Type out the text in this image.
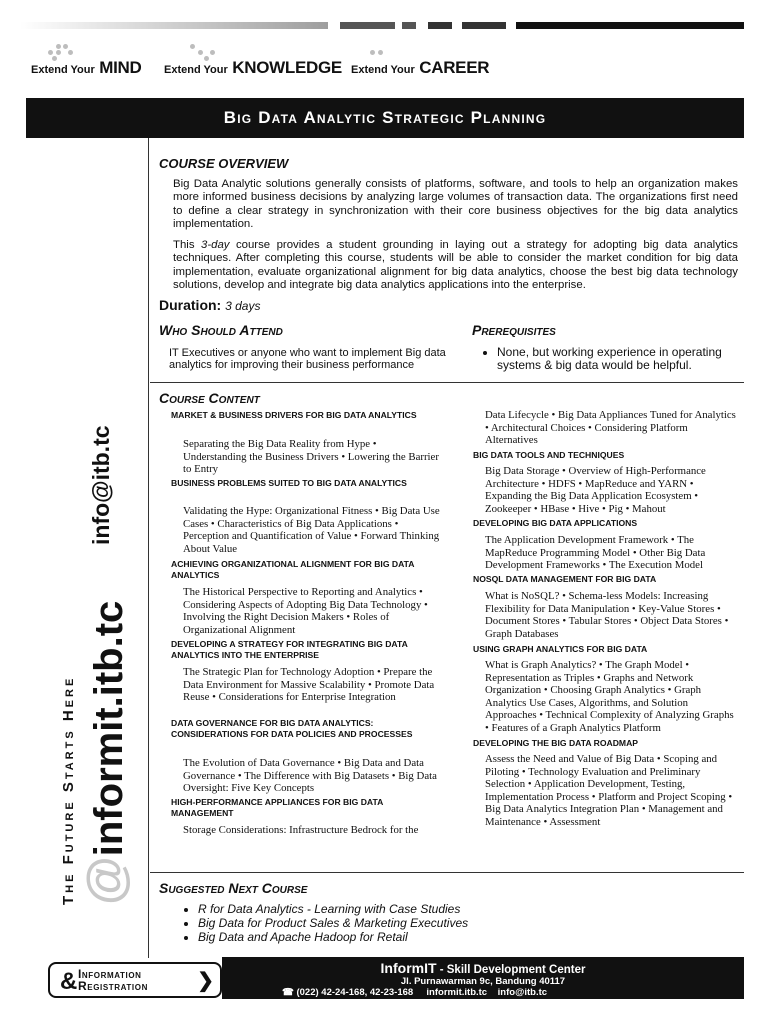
Extend Your MIND Extend Your KNOWLEDGE Extend Your CAREER
Big Data Analytic Strategic Planning
The Future Starts Here @informit.itb.tc
info@itb.tc
COURSE OVERVIEW
Big Data Analytic solutions generally consists of platforms, software, and tools to help an organization makes more informed business decisions by analyzing large volumes of transaction data. The organizations first need to define a clear strategy in synchronization with their core business objectives for the big data analytics implementation.
This 3-day course provides a student grounding in laying out a strategy for adopting big data analytics techniques. After completing this course, students will be able to consider the market condition for big data implementation, evaluate organizational alignment for big data analytics, choose the best big data technology solutions, develop and integrate big data analytics applications into the enterprise.
Duration: 3 days
Who Should Attend
IT Executives or anyone who want to implement Big data analytics for improving their business performance
Prerequisites
• None, but working experience in operating systems & big data would be helpful.
Course Content
MARKET & BUSINESS DRIVERS FOR BIG DATA ANALYTICS
Separating the Big Data Reality from Hype • Understanding the Business Drivers • Lowering the Barrier to Entry
BUSINESS PROBLEMS SUITED TO BIG DATA ANALYTICS
Validating the Hype: Organizational Fitness • Big Data Use Cases • Characteristics of Big Data Applications • Perception and Quantification of Value • Forward Thinking About Value
ACHIEVING ORGANIZATIONAL ALIGNMENT FOR BIG DATA ANALYTICS
The Historical Perspective to Reporting and Analytics • Considering Aspects of Adopting Big Data Technology • Involving the Right Decision Makers • Roles of Organizational Alignment
DEVELOPING A STRATEGY FOR INTEGRATING BIG DATA ANALYTICS INTO THE ENTERPRISE
The Strategic Plan for Technology Adoption • Prepare the Data Environment for Massive Scalability • Promote Data Reuse • Considerations for Enterprise Integration
DATA GOVERNANCE FOR BIG DATA ANALYTICS: CONSIDERATIONS FOR DATA POLICIES AND PROCESSES
The Evolution of Data Governance • Big Data and Data Governance • The Difference with Big Datasets • Big Data Oversight: Five Key Concepts
HIGH-PERFORMANCE APPLIANCES FOR BIG DATA MANAGEMENT
Storage Considerations: Infrastructure Bedrock for the
Data Lifecycle • Big Data Appliances Tuned for Analytics • Architectural Choices • Considering Platform Alternatives
BIG DATA TOOLS AND TECHNIQUES
Big Data Storage • Overview of High-Performance Architecture • HDFS • MapReduce and YARN • Expanding the Big Data Application Ecosystem • Zookeeper • HBase • Hive • Pig • Mahout
DEVELOPING BIG DATA APPLICATIONS
The Application Development Framework • The MapReduce Programming Model • Other Big Data Development Frameworks • The Execution Model
NOSQL DATA MANAGEMENT FOR BIG DATA
What is NoSQL? • Schema-less Models: Increasing Flexibility for Data Manipulation • Key-Value Stores • Document Stores • Tabular Stores • Object Data Stores • Graph Databases
USING GRAPH ANALYTICS FOR BIG DATA
What is Graph Analytics? • The Graph Model • Representation as Triples • Graphs and Network Organization • Choosing Graph Analytics • Graph Analytics Use Cases, Algorithms, and Solution Approaches • Technical Complexity of Analyzing Graphs • Features of a Graph Analytics Platform
DEVELOPING THE BIG DATA ROADMAP
Assess the Need and Value of Big Data • Scoping and Piloting • Technology Evaluation and Preliminary Selection • Application Development, Testing, Implementation Process • Platform and Project Scoping • Big Data Analytics Integration Plan • Management and Maintenance • Assessment
Suggested Next Course
• R for Data Analytics - Learning with Case Studies
• Big Data for Product Sales & Marketing Executives
• Big Data and Apache Hadoop for Retail
& Information
Registration ❯
InformIT - Skill Development Center
Jl. Purnawarman 9c, Bandung 40117
☎ (022) 42-24-168, 42-23-168 informit.itb.tc info@itb.tc
